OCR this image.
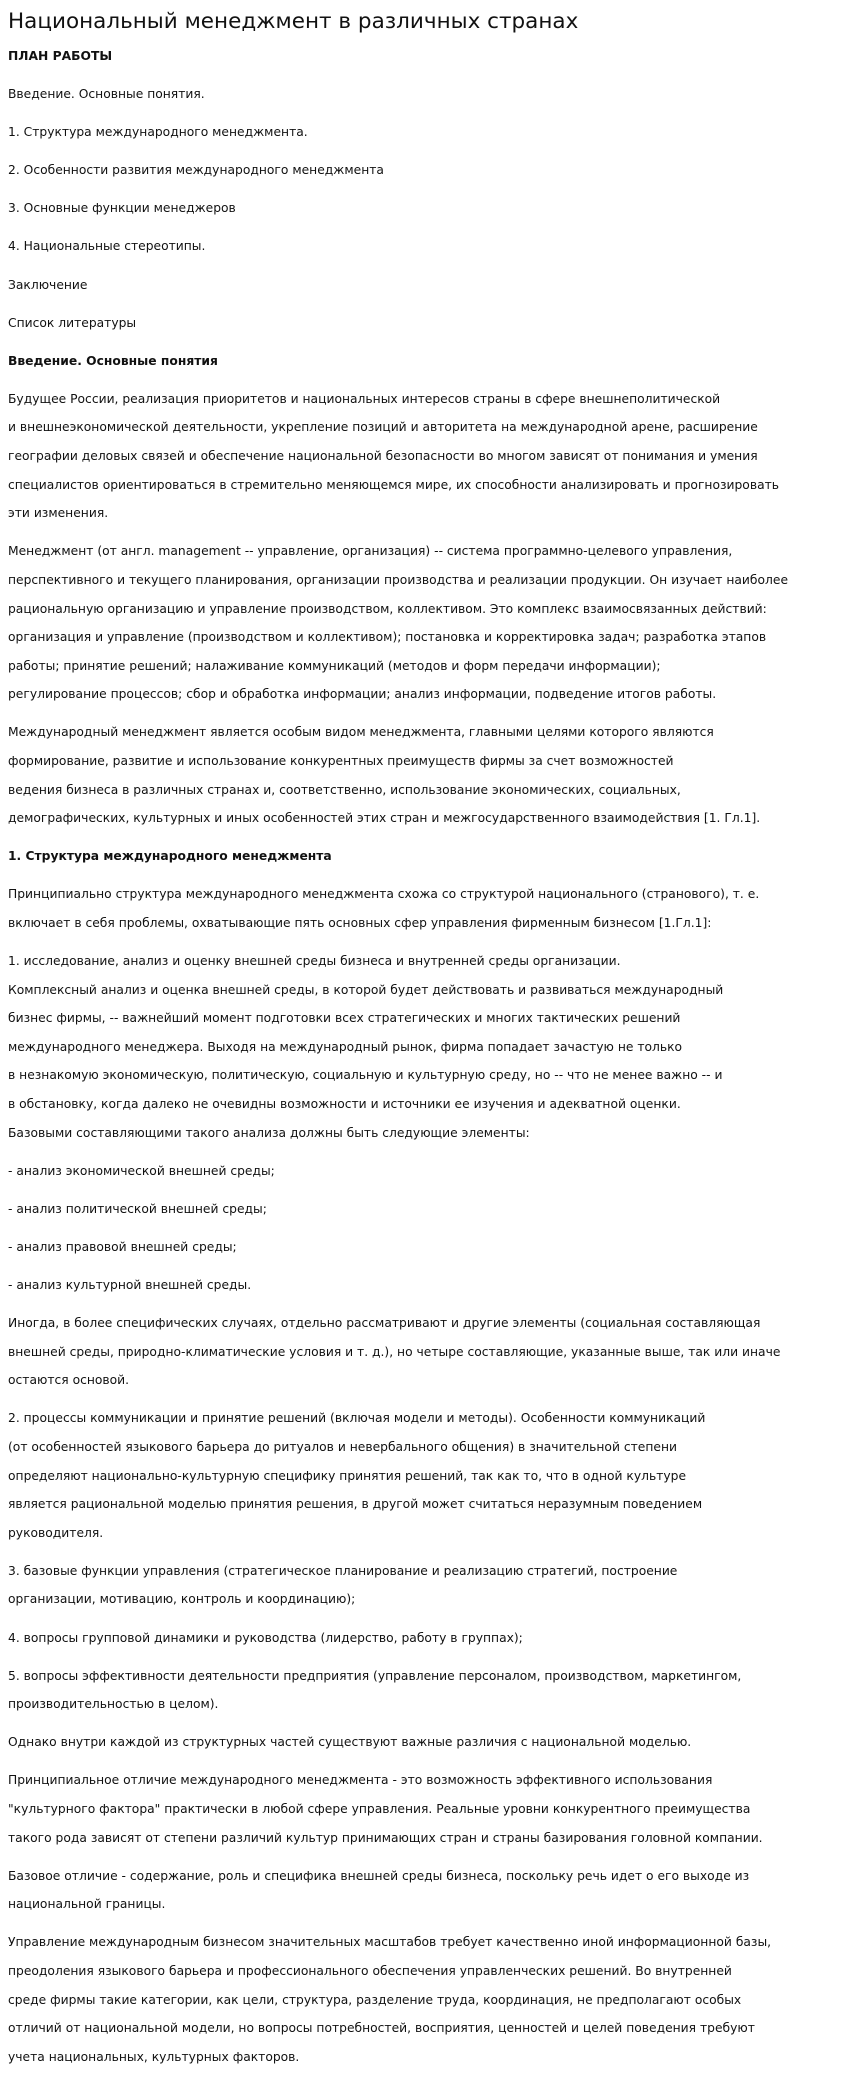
Национальный менеджмент в различных странах

ПЛАН РАБОТЫ

Введение. Основные понятия.

1. Структура международного менеджмента.

2. Особенности развития международного менеджмента

3. Основные функции менеджеров

4. Национальные стереотипы.

Заключение

Список литературы

Введение. Основные понятия

Будущее России, реализация приоритетов и национальных интересов страны в сфере внешнеполитической
и внешнеэкономической деятельности, укрепление позиций и авторитета на международной арене, расширение
географии деловых связей и обеспечение национальной безопасности во многом зависят от понимания и умения
специалистов ориентироваться в стремительно меняющемся мире, их способности анализировать и прогнозировать
эти изменения.

Менеджмент (от англ. management -- управление, организация) -- система программно-целевого управления,
перспективного и текущего планирования, организации производства и реализации продукции. Он изучает наиболее
рациональную организацию и управление производством, коллективом. Это комплекс взаимосвязанных действий:
организация и управление (производством и коллективом); постановка и корректировка задач; разработка этапов
работы; принятие решений; налаживание коммуникаций (методов и форм передачи информации);
регулирование процессов; сбор и обработка информации; анализ информации, подведение итогов работы.

Международный менеджмент является особым видом менеджмента, главными целями которого являются
формирование, развитие и использование конкурентных преимуществ фирмы за счет возможностей
ведения бизнеса в различных странах и, соответственно, использование экономических, социальных,
демографических, культурных и иных особенностей этих стран и межгосударственного взаимодействия [1. Гл.1].

1. Структура международного менеджмента

Принципиально структура международного менеджмента схожа со структурой национального (странового), т. е.
включает в себя проблемы, охватывающие пять основных сфер управления фирменным бизнесом [1.Гл.1]:

1. исследование, анализ и оценку внешней среды бизнеса и внутренней среды организации.
Комплексный анализ и оценка внешней среды, в которой будет действовать и развиваться международный
бизнес фирмы, -- важнейший момент подготовки всех стратегических и многих тактических решений
международного менеджера. Выходя на международный рынок, фирма попадает зачастую не только
в незнакомую экономическую, политическую, социальную и культурную среду, но -- что не менее важно -- и
в обстановку, когда далеко не очевидны возможности и источники ее изучения и адекватной оценки.
Базовыми составляющими такого анализа должны быть следующие элементы:

- анализ экономической внешней среды;

- анализ политической внешней среды;

- анализ правовой внешней среды;

- анализ культурной внешней среды.

Иногда, в более специфических случаях, отдельно рассматривают и другие элементы (социальная составляющая
внешней среды, природно-климатические условия и т. д.), но четыре составляющие, указанные выше, так или иначе
остаются основой.

2. процессы коммуникации и принятие решений (включая модели и методы). Особенности коммуникаций
(от особенностей языкового барьера до ритуалов и невербального общения) в значительной степени
определяют национально-культурную специфику принятия решений, так как то, что в одной культуре
является рациональной моделью принятия решения, в другой может считаться неразумным поведением
руководителя.

3. базовые функции управления (стратегическое планирование и реализацию стратегий, построение
организации, мотивацию, контроль и координацию);

4. вопросы групповой динамики и руководства (лидерство, работу в группах);

5. вопросы эффективности деятельности предприятия (управление персоналом, производством, маркетингом,
производительностью в целом).

Однако внутри каждой из структурных частей существуют важные различия с национальной моделью.

Принципиальное отличие международного менеджмента - это возможность эффективного использования
"культурного фактора" практически в любой сфере управления. Реальные уровни конкурентного преимущества
такого рода зависят от степени различий культур принимающих стран и страны базирования головной компании.

Базовое отличие - содержание, роль и специфика внешней среды бизнеса, поскольку речь идет о его выходе из
национальной границы.

Управление международным бизнесом значительных масштабов требует качественно иной информационной базы,
преодоления языкового барьера и профессионального обеспечения управленческих решений. Во внутренней
среде фирмы такие категории, как цели, структура, разделение труда, координация, не предполагают особых
отличий от национальной модели, но вопросы потребностей, восприятия, ценностей и целей поведения требуют
учета национальных, культурных факторов.
